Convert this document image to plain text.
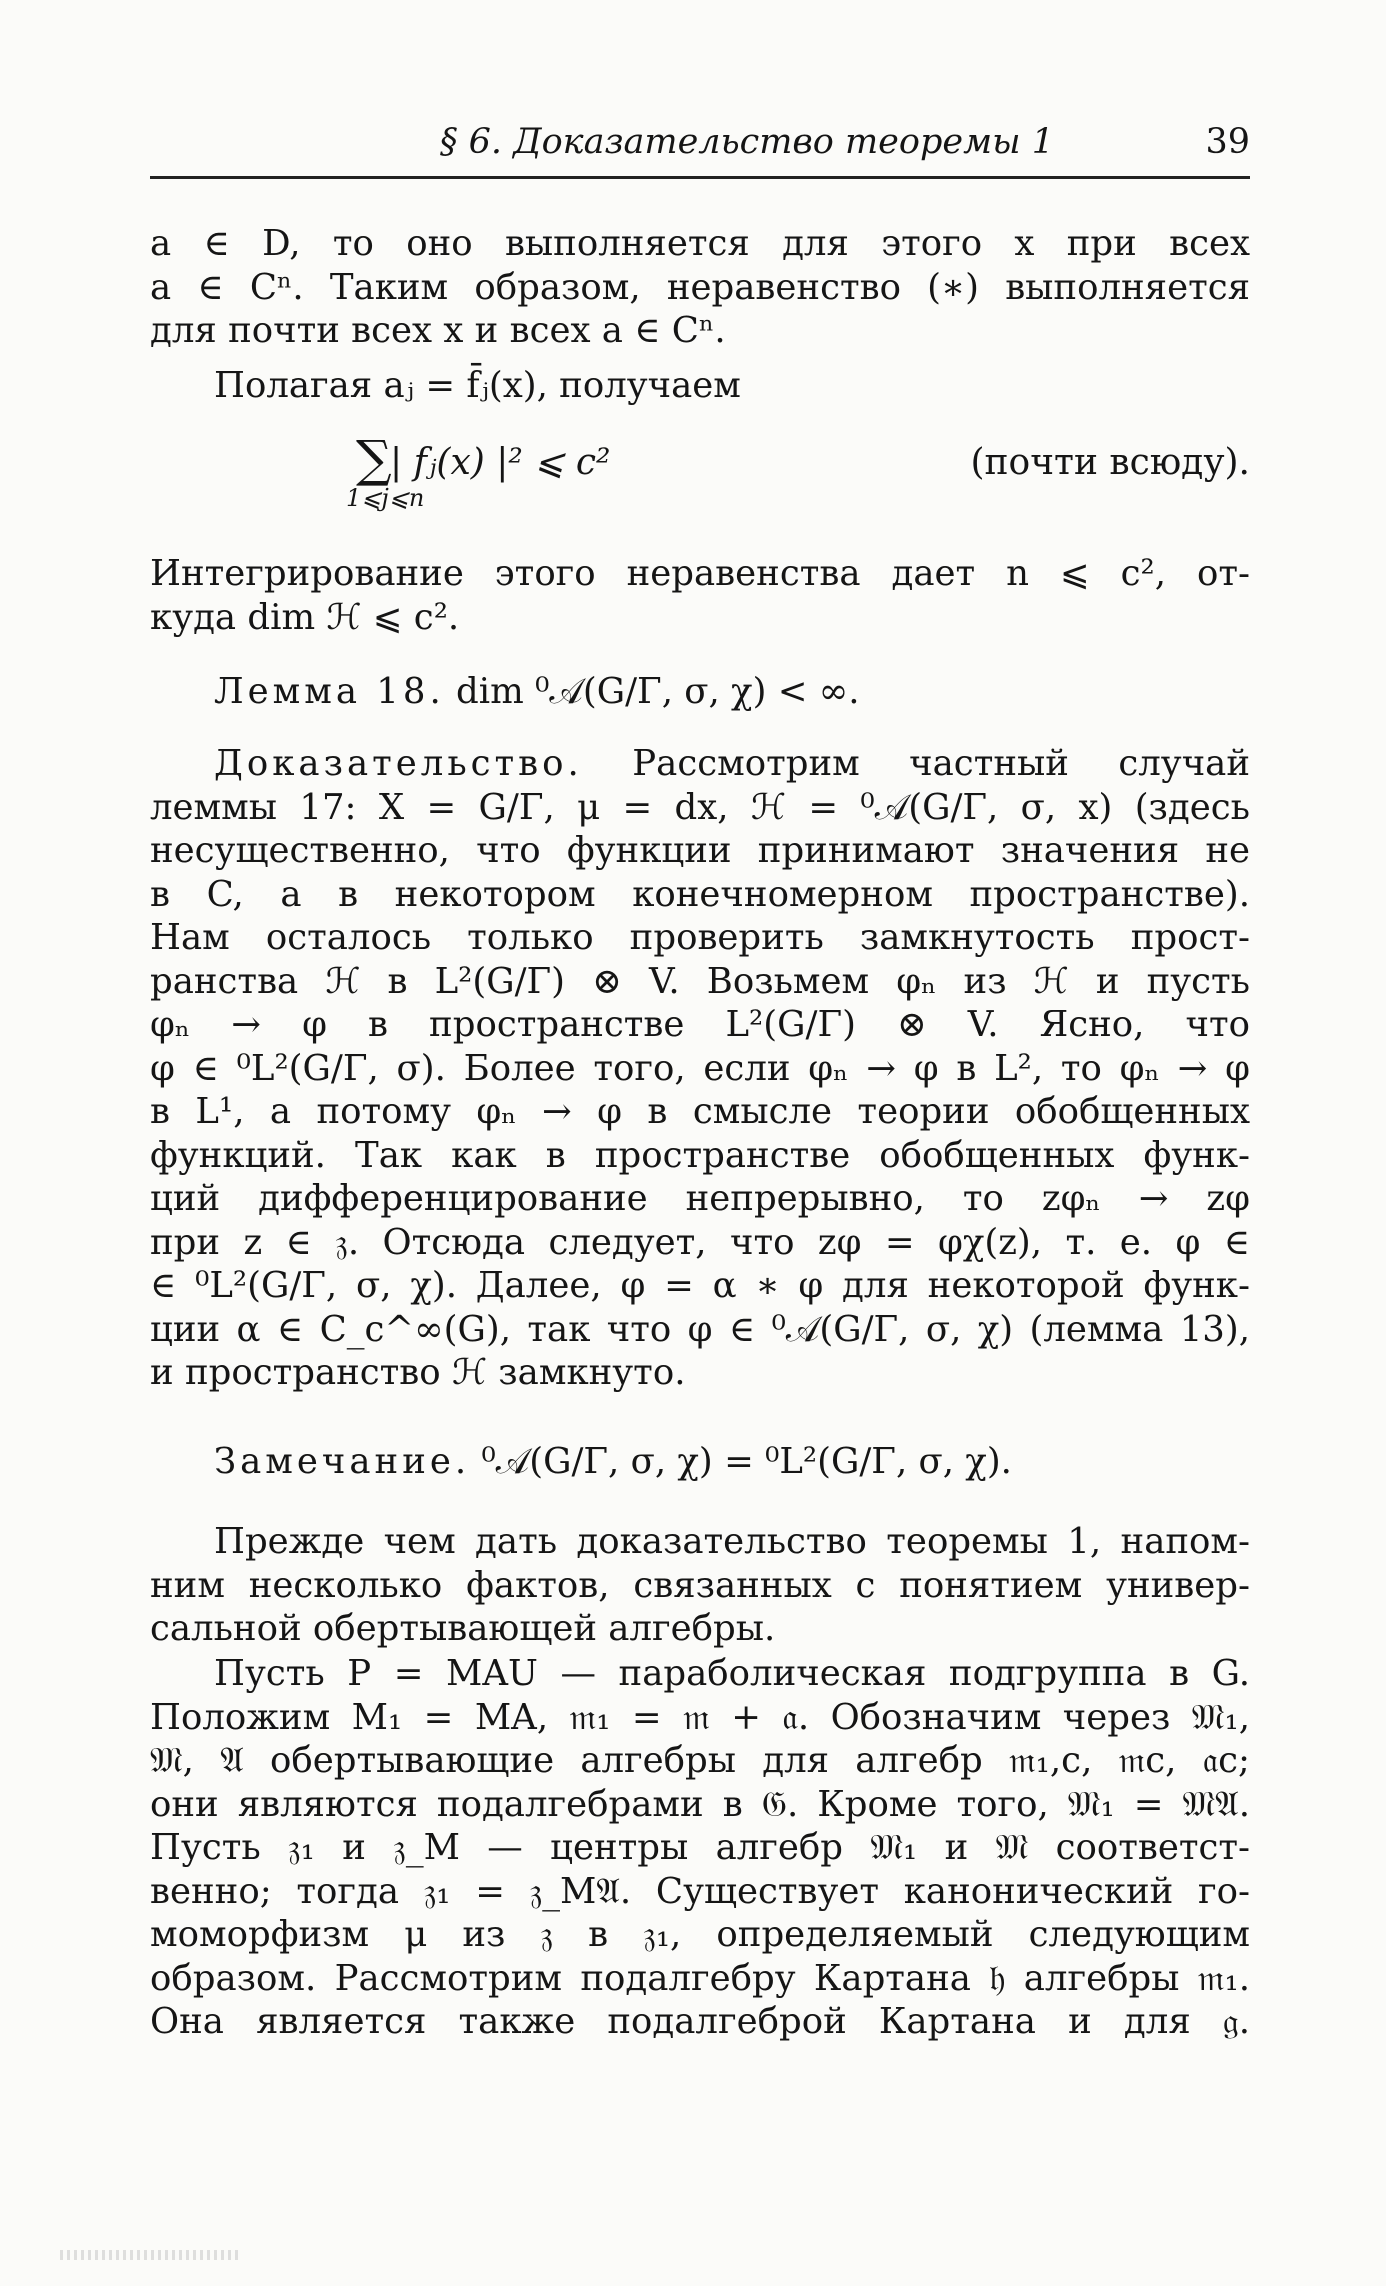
§ 6. Доказательство теоремы 1	39
a ∈ D, то оно выполняется для этого x при всех
a ∈ Cⁿ. Таким образом, неравенство (∗) выполняется
для почти всех x и всех a ∈ Cⁿ.
Полагая aⱼ = f̄ⱼ(x), получаем
∑
1⩽j⩽n
| fⱼ(x) |² ⩽ c²	(почти всюду).
Интегрирование этого неравенства дает n ⩽ c², от-
куда dim ℋ ⩽ c².
Лемма 18. dim ⁰𝒜(G/Γ, σ, χ) < ∞.
Доказательство. Рассмотрим частный случай
леммы 17: X = G/Γ, μ = dx, ℋ = ⁰𝒜(G/Γ, σ, x) (здесь
несущественно, что функции принимают значения не
в C, а в некотором конечномерном пространстве).
Нам осталось только проверить замкнутость прост-
ранства ℋ в L²(G/Γ) ⊗ V. Возьмем φₙ из ℋ и пусть
φₙ → φ в пространстве L²(G/Γ) ⊗ V. Ясно, что
φ ∈ ⁰L²(G/Γ, σ). Более того, если φₙ → φ в L², то φₙ → φ
в L¹, а потому φₙ → φ в смысле теории обобщенных
функций. Так как в пространстве обобщенных функ-
ций дифференцирование непрерывно, то zφₙ → zφ
при z ∈ 𝔷. Отсюда следует, что zφ = φχ(z), т. е. φ ∈
∈ ⁰L²(G/Γ, σ, χ). Далее, φ = α ∗ φ для некоторой функ-
ции α ∈ C_c^∞(G), так что φ ∈ ⁰𝒜(G/Γ, σ, χ) (лемма 13),
и пространство ℋ замкнуто.
Замечание. ⁰𝒜(G/Γ, σ, χ) = ⁰L²(G/Γ, σ, χ).
Прежде чем дать доказательство теоремы 1, напом-
ним несколько фактов, связанных с понятием универ-
сальной обертывающей алгебры.
Пусть P = MAU — параболическая подгруппа в G.
Положим M₁ = MA, 𝔪₁ = 𝔪 + 𝔞. Обозначим через 𝔐₁,
𝔐, 𝔄 обертывающие алгебры для алгебр 𝔪₁,c, 𝔪c, 𝔞c;
они являются подалгебрами в 𝔊. Кроме того, 𝔐₁ = 𝔐𝔄.
Пусть 𝔷₁ и 𝔷_M — центры алгебр 𝔐₁ и 𝔐 соответст-
венно; тогда 𝔷₁ = 𝔷_M𝔄. Существует канонический го-
моморфизм μ из 𝔷 в 𝔷₁, определяемый следующим
образом. Рассмотрим подалгебру Картана 𝔥 алгебры 𝔪₁.
Она является также подалгеброй Картана и для 𝔤.
